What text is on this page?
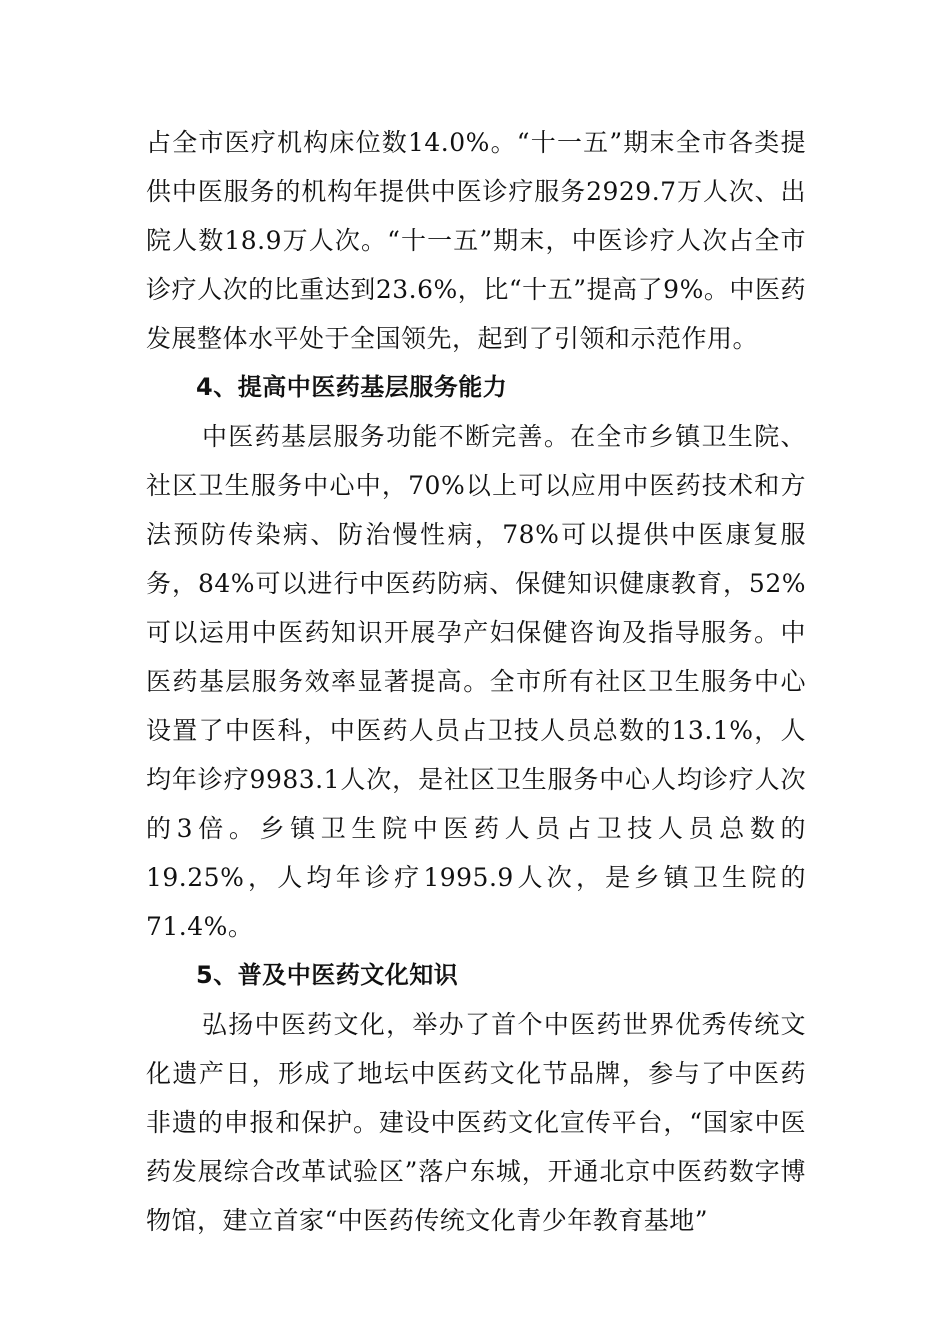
占全市医疗机构床位数14.0%。“十一五”期末全市各类提供中医服务的机构年提供中医诊疗服务2929.7万人次、出院人数18.9万人次。“十一五”期末，中医诊疗人次占全市诊疗人次的比重达到23.6%，比“十五”提高了9%。中医药发展整体水平处于全国领先，起到了引领和示范作用。

4、提高中医药基层服务能力

中医药基层服务功能不断完善。在全市乡镇卫生院、社区卫生服务中心中，70%以上可以应用中医药技术和方法预防传染病、防治慢性病，78%可以提供中医康复服务，84%可以进行中医药防病、保健知识健康教育，52%可以运用中医药知识开展孕产妇保健咨询及指导服务。中医药基层服务效率显著提高。全市所有社区卫生服务中心设置了中医科，中医药人员占卫技人员总数的13.1%，人均年诊疗9983.1人次，是社区卫生服务中心人均诊疗人次的3倍。乡镇卫生院中医药人员占卫技人员总数的19.25%，人均年诊疗1995.9人次，是乡镇卫生院的71.4%。

5、普及中医药文化知识

弘扬中医药文化，举办了首个中医药世界优秀传统文化遗产日，形成了地坛中医药文化节品牌，参与了中医药非遗的申报和保护。建设中医药文化宣传平台，“国家中医药发展综合改革试验区”落户东城，开通北京中医药数字博物馆，建立首家“中医药传统文化青少年教育基地”
